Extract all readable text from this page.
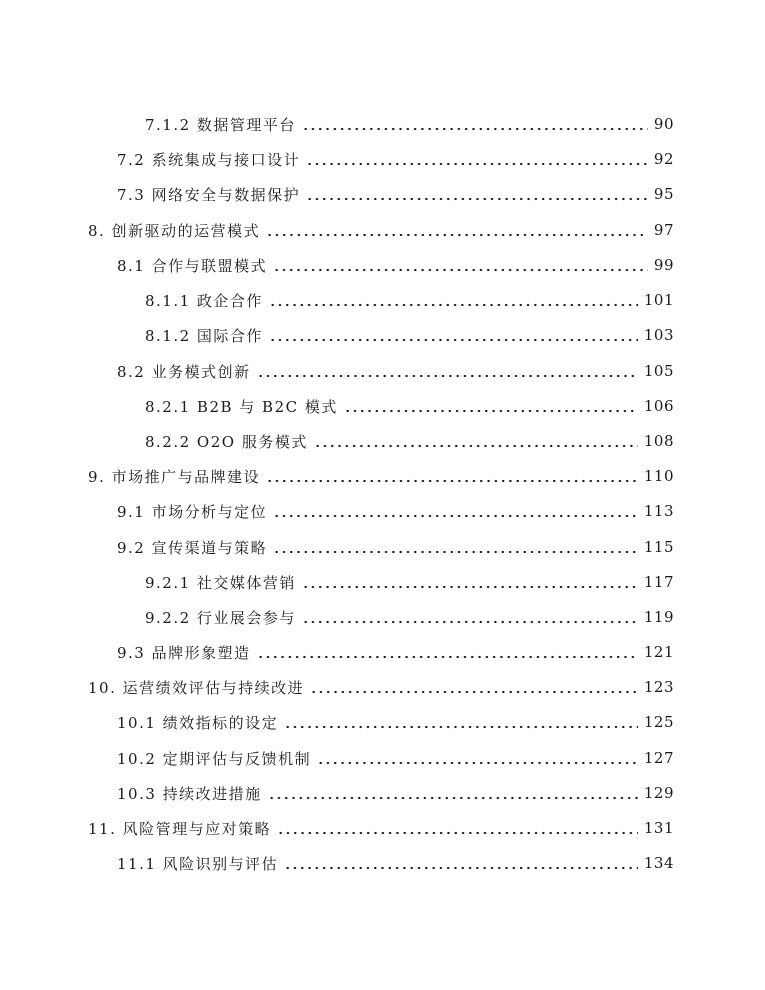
7.1.2 数据管理平台	90
7.2 系统集成与接口设计	92
7.3 网络安全与数据保护	95
8. 创新驱动的运营模式	97
8.1 合作与联盟模式	99
8.1.1 政企合作	101
8.1.2 国际合作	103
8.2 业务模式创新	105
8.2.1 B2B 与 B2C 模式	106
8.2.2 O2O 服务模式	108
9. 市场推广与品牌建设	110
9.1 市场分析与定位	113
9.2 宣传渠道与策略	115
9.2.1 社交媒体营销	117
9.2.2 行业展会参与	119
9.3 品牌形象塑造	121
10. 运营绩效评估与持续改进	123
10.1 绩效指标的设定	125
10.2 定期评估与反馈机制	127
10.3 持续改进措施	129
11. 风险管理与应对策略	131
11.1 风险识别与评估	134
